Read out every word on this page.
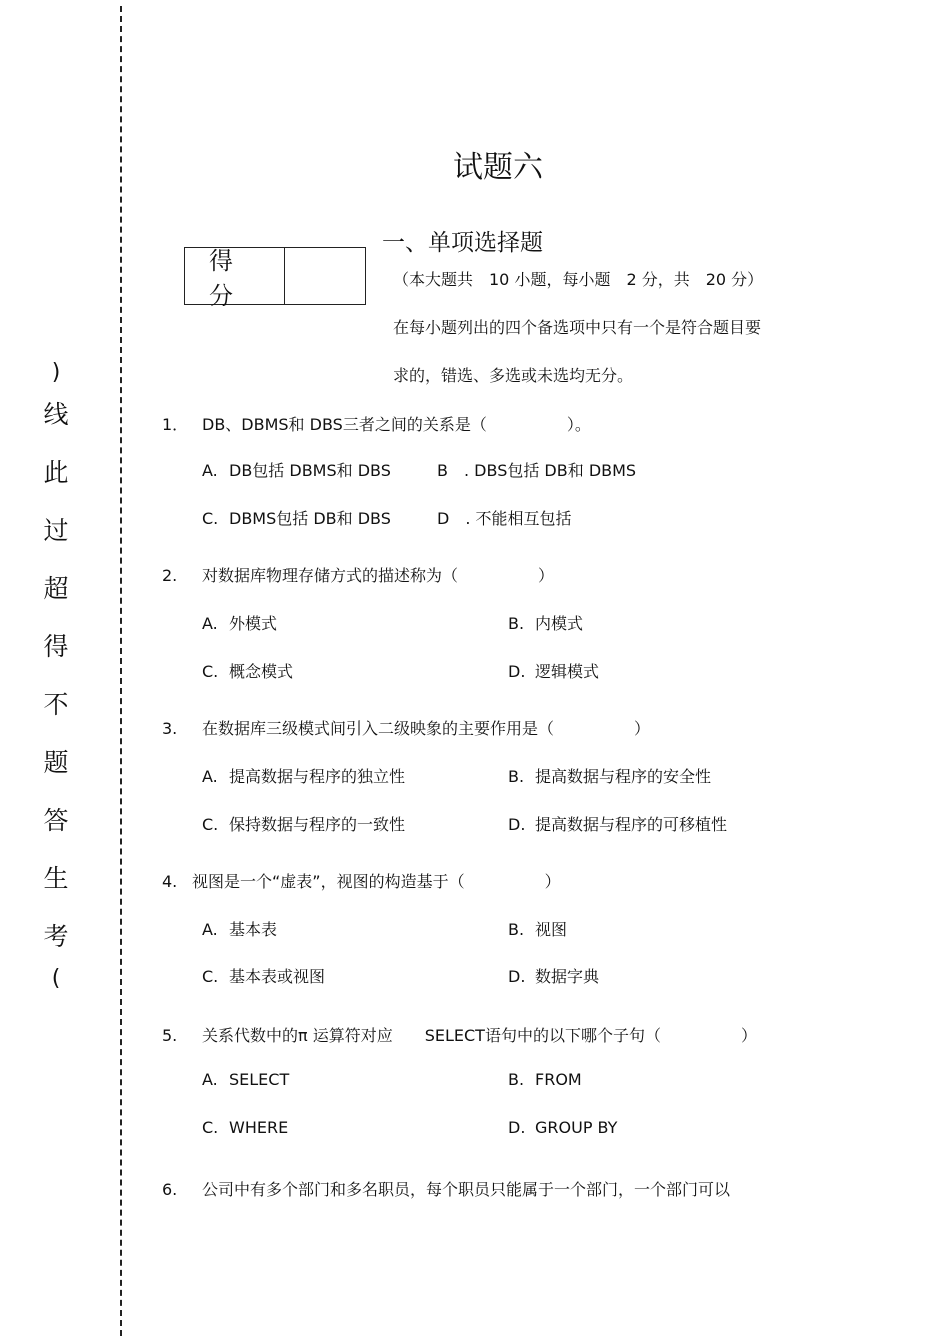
)
线
此
过
超
得
不
题
答
生
考
(
试题六
得分
一、单项选择题
（本大题共　10 小题，每小题　2 分，共　20 分）
在每小题列出的四个备选项中只有一个是符合题目要
求的，错选、多选或未选均无分。
1． DB、DBMS和 DBS三者之间的关系是（　　　　　）。
A. DB包括 DBMS和 DBS	B　. DBS包括 DB和 DBMS
C. DBMS包括 DB和 DBS	D　. 不能相互包括
2. 对数据库物理存储方式的描述称为（　　　　　）
A. 外模式	B. 内模式
C. 概念模式	D. 逻辑模式
3. 在数据库三级模式间引入二级映象的主要作用是（　　　　　）
A. 提高数据与程序的独立性	B. 提高数据与程序的安全性
C. 保持数据与程序的一致性	D. 提高数据与程序的可移植性
4. 视图是一个“虚表”，视图的构造基于（　　　　　）
A. 基本表	B. 视图
C. 基本表或视图	D. 数据字典
5. 关系代数中的π 运算符对应　　SELECT语句中的以下哪个子句（　　　　　）
A. SELECT	B. FROM
C. WHERE	D. GROUP BY
6. 公司中有多个部门和多名职员，每个职员只能属于一个部门，一个部门可以
